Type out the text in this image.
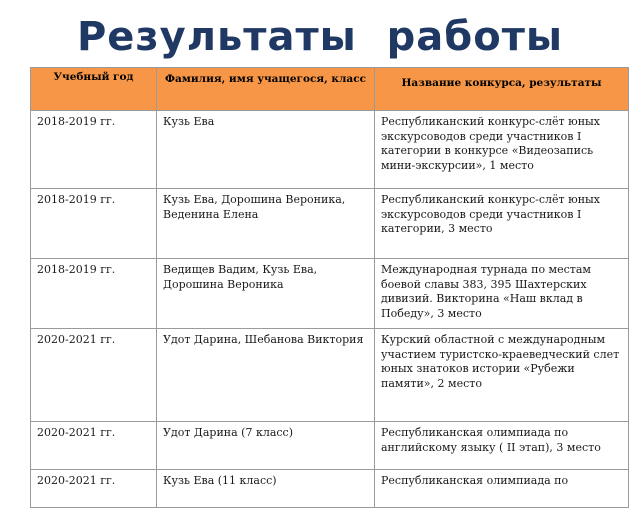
Результаты  работы
Учебный год	Фамилия, имя учащегося, класс	Название конкурса, результаты
2018-2019 гг.	Кузь Ева	Республиканский конкурс-слёт юных экскурсоводов среди участников I категории в конкурсе «Видеозапись мини-экскурсии», 1 место
2018-2019 гг.	Кузь Ева, Дорошина Вероника, Веденина Елена	Республиканский конкурс-слёт юных экскурсоводов среди участников I категории, 3 место
2018-2019 гг.	Ведищев Вадим, Кузь Ева, Дорошина Вероника	Международная турнада по местам боевой славы 383, 395 Шахтерских дивизий. Викторина «Наш вклад в Победу», 3 место
2020-2021 гг.	Удот Дарина, Шебанова Виктория	Курский областной с международным участием туристско-краеведческий слет юных знатоков истории «Рубежи памяти», 2 место
2020-2021 гг.	Удот Дарина (7 класс)	Республиканская олимпиада по английскому языку ( II этап), 3 место
2020-2021 гг.	Кузь Ева (11 класс)	Республиканская олимпиада по
